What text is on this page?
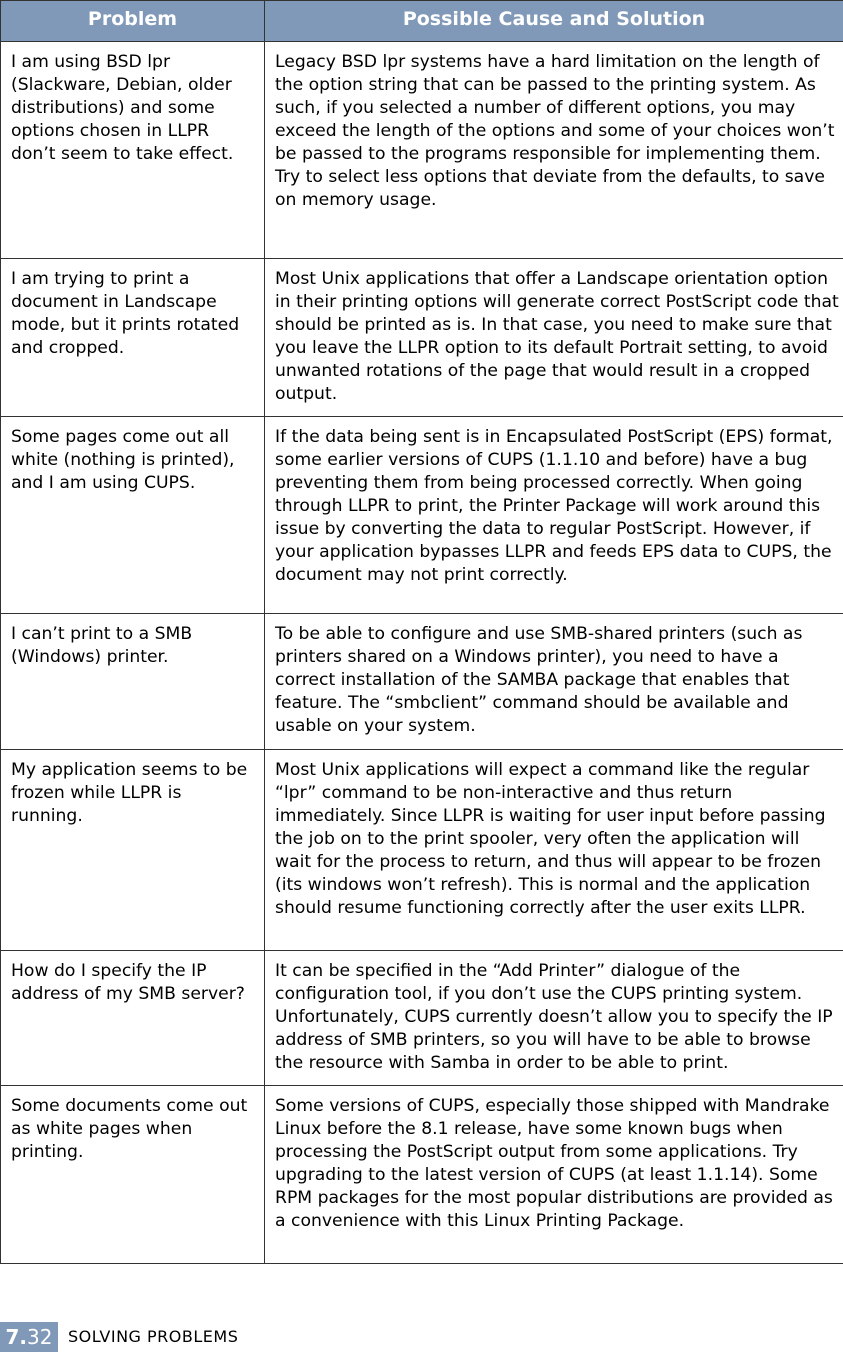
Problem	Possible Cause and Solution
I am using BSD lpr (Slackware, Debian, older distributions) and some options chosen in LLPR don’t seem to take effect.	Legacy BSD lpr systems have a hard limitation on the length of the option string that can be passed to the printing system. As such, if you selected a number of different options, you may exceed the length of the options and some of your choices won’t be passed to the programs responsible for implementing them. Try to select less options that deviate from the defaults, to save on memory usage.
I am trying to print a document in Landscape mode, but it prints rotated and cropped.	Most Unix applications that offer a Landscape orientation option in their printing options will generate correct PostScript code that should be printed as is. In that case, you need to make sure that you leave the LLPR option to its default Portrait setting, to avoid unwanted rotations of the page that would result in a cropped output.
Some pages come out all white (nothing is printed), and I am using CUPS.	If the data being sent is in Encapsulated PostScript (EPS) format, some earlier versions of CUPS (1.1.10 and before) have a bug preventing them from being processed correctly. When going through LLPR to print, the Printer Package will work around this issue by converting the data to regular PostScript. However, if your application bypasses LLPR and feeds EPS data to CUPS, the document may not print correctly.
I can’t print to a SMB (Windows) printer.	To be able to configure and use SMB-shared printers (such as printers shared on a Windows printer), you need to have a correct installation of the SAMBA package that enables that feature. The “smbclient” command should be available and usable on your system.
My application seems to be frozen while LLPR is running.	Most Unix applications will expect a command like the regular “lpr” command to be non-interactive and thus return immediately. Since LLPR is waiting for user input before passing the job on to the print spooler, very often the application will wait for the process to return, and thus will appear to be frozen (its windows won’t refresh). This is normal and the application should resume functioning correctly after the user exits LLPR.
How do I specify the IP address of my SMB server?	It can be specified in the “Add Printer” dialogue of the configuration tool, if you don’t use the CUPS printing system. Unfortunately, CUPS currently doesn’t allow you to specify the IP address of SMB printers, so you will have to be able to browse the resource with Samba in order to be able to print.
Some documents come out as white pages when printing.	Some versions of CUPS, especially those shipped with Mandrake Linux before the 8.1 release, have some known bugs when processing the PostScript output from some applications. Try upgrading to the latest version of CUPS (at least 1.1.14). Some RPM packages for the most popular distributions are provided as a convenience with this Linux Printing Package.
7.32 SOLVING PROBLEMS
